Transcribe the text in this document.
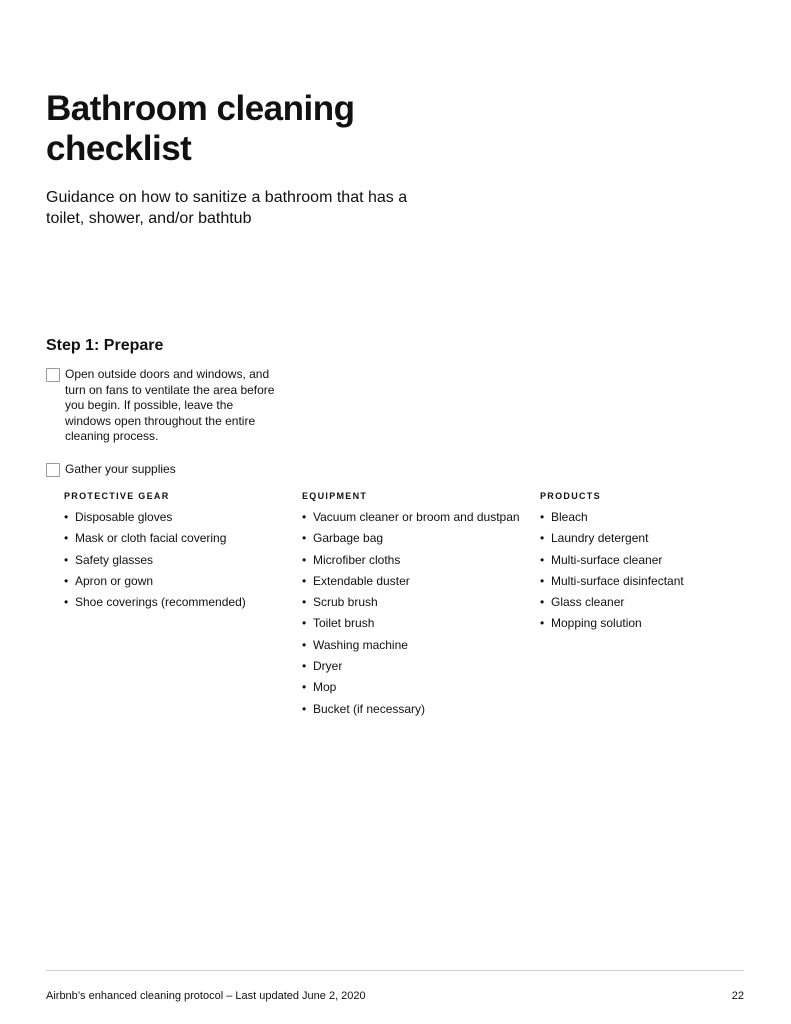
Bathroom cleaning checklist

Guidance on how to sanitize a bathroom that has a toilet, shower, and/or bathtub

Step 1: Prepare
Open outside doors and windows, and turn on fans to ventilate the area before you begin. If possible, leave the windows open throughout the entire cleaning process.
Gather your supplies
PROTECTIVE GEAR
• Disposable gloves
• Mask or cloth facial covering
• Safety glasses
• Apron or gown
• Shoe coverings (recommended)
EQUIPMENT
• Vacuum cleaner or broom and dustpan
• Garbage bag
• Microfiber cloths
• Extendable duster
• Scrub brush
• Toilet brush
• Washing machine
• Dryer
• Mop
• Bucket (if necessary)
PRODUCTS
• Bleach
• Laundry detergent
• Multi-surface cleaner
• Multi-surface disinfectant
• Glass cleaner
• Mopping solution
Airbnb’s enhanced cleaning protocol – Last updated June 2, 2020	22
